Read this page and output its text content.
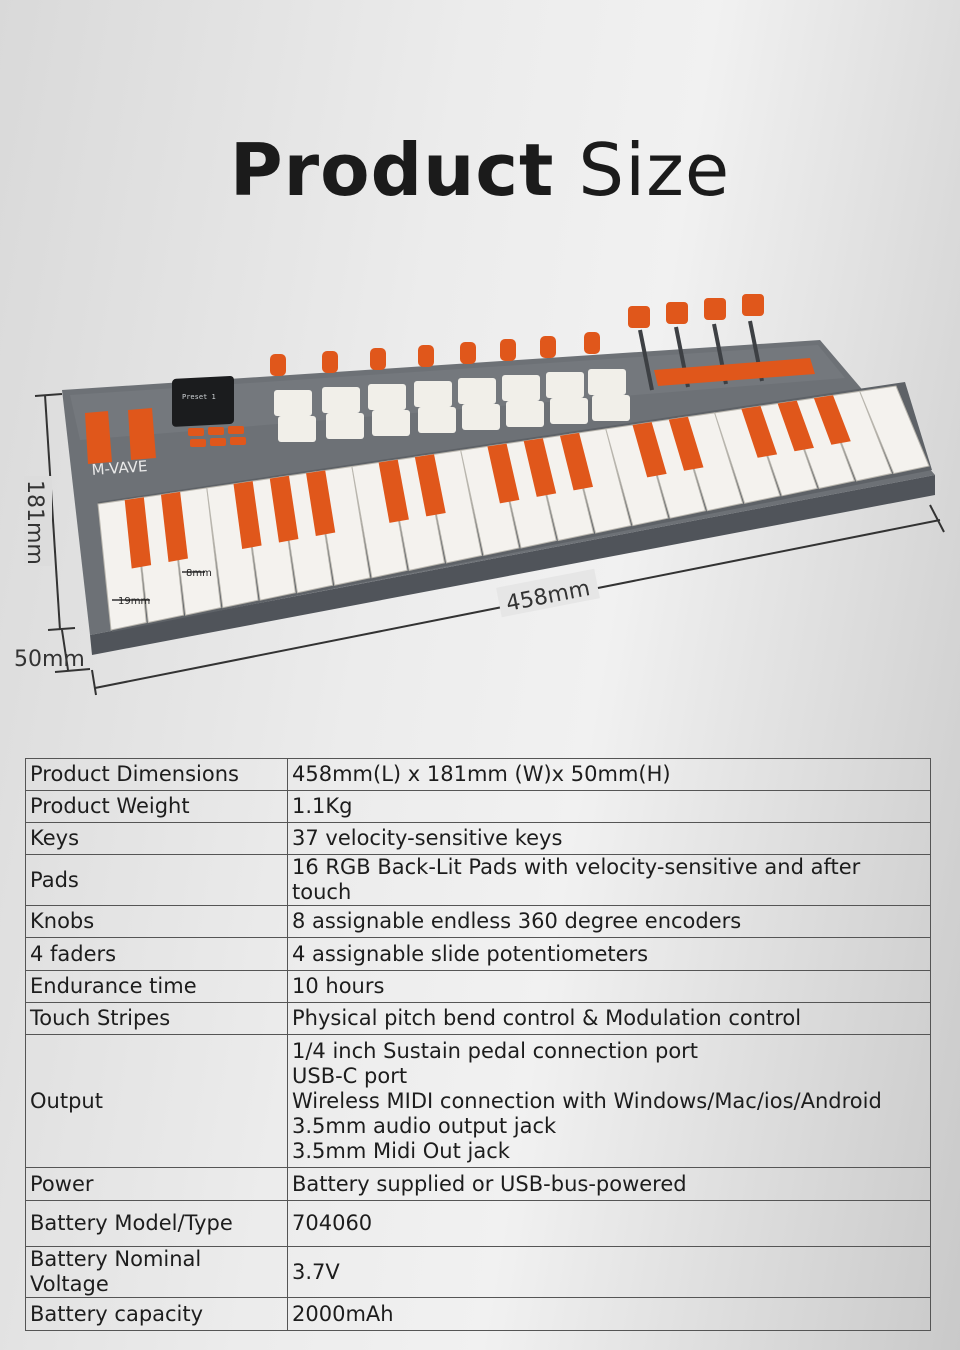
Product Size
Preset 1
M-VAVE
19mm
8mm
458mm
181mm
50mm
Product Dimensions	458mm(L) x 181mm (W)x 50mm(H)
Product Weight	1.1Kg
Keys	37 velocity-sensitive keys
Pads	16 RGB Back-Lit Pads with velocity-sensitive and after touch
Knobs	8 assignable endless 360 degree encoders
4 faders	4 assignable slide potentiometers
Endurance time	10 hours
Touch Stripes	Physical pitch bend control & Modulation control
Output	1/4 inch Sustain pedal connection port
USB-C port
Wireless MIDI connection with Windows/Mac/ios/Android
3.5mm audio output jack
3.5mm Midi Out jack
Power	Battery supplied or USB-bus-powered
Battery Model/Type	704060
Battery Nominal Voltage	3.7V
Battery capacity	2000mAh
